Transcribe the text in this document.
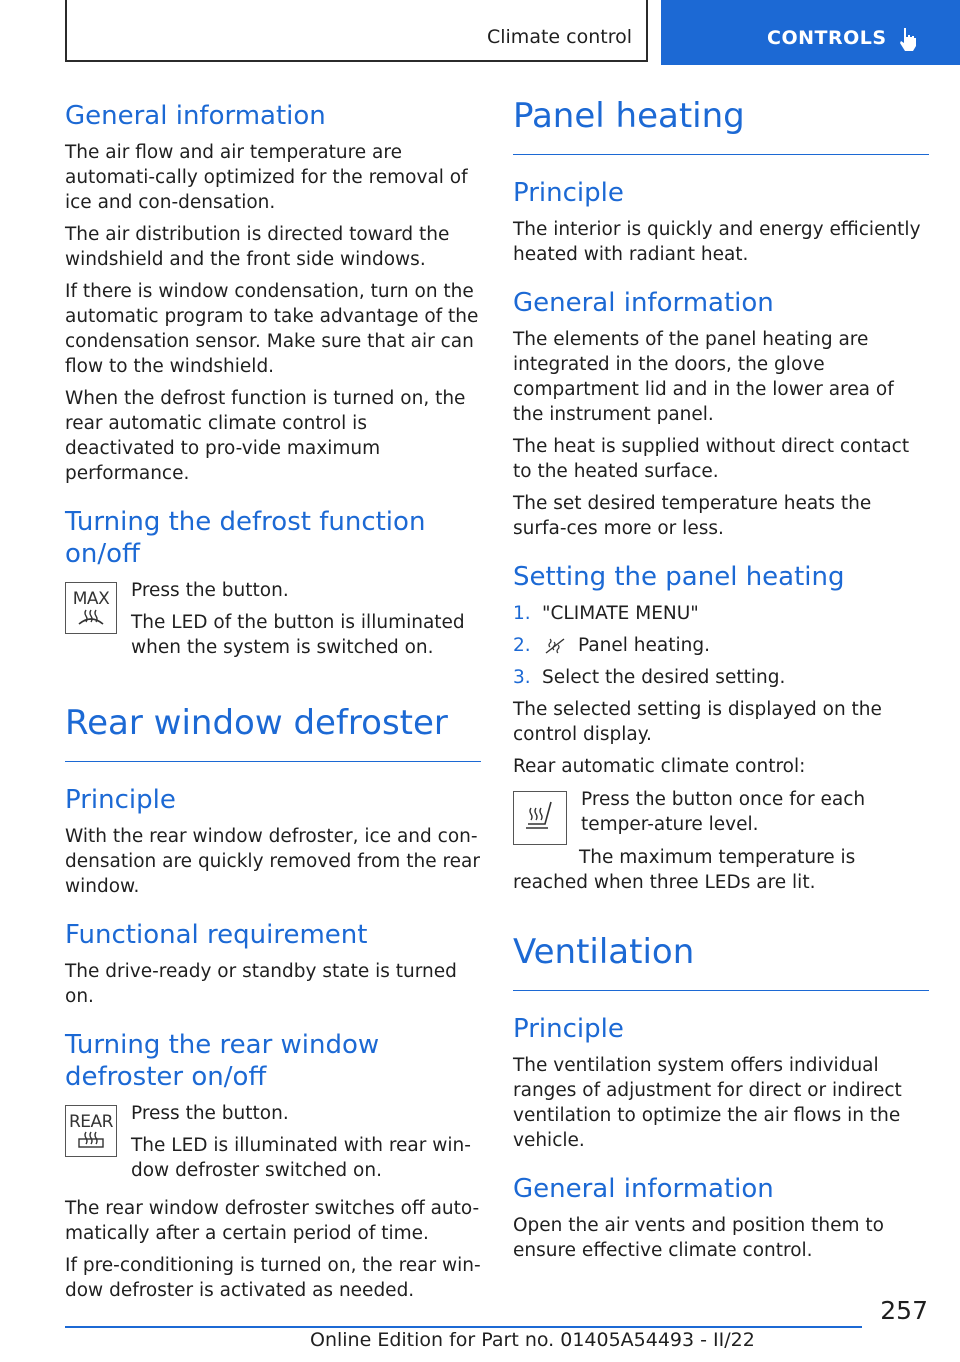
Climate control	CONTROLS
General information

The air flow and air temperature are automati-cally optimized for the removal of ice and con-densation.

The air distribution is directed toward the windshield and the front side windows.

If there is window condensation, turn on the automatic program to take advantage of the condensation sensor. Make sure that air can flow to the windshield.

When the defrost function is turned on, the rear automatic climate control is deactivated to pro-vide maximum performance.

Turning the defrost function on/off
MAX Press the button.

The LED of the button is illuminated when the system is switched on.

Rear window defroster
Principle

With the rear window defroster, ice and con-densation are quickly removed from the rear window.

Functional requirement

The drive-ready or standby state is turned on.

Turning the rear window defroster on/off
REAR Press the button.

The LED is illuminated with rear win-dow defroster switched on.

The rear window defroster switches off auto-matically after a certain period of time.

If pre-conditioning is turned on, the rear win-dow defroster is activated as needed.

Panel heating
Principle

The interior is quickly and energy efficiently heated with radiant heat.

General information

The elements of the panel heating are integrated in the doors, the glove compartment lid and in the lower area of the instrument panel.

The heat is supplied without direct contact to the heated surface.

The set desired temperature heats the surfa-ces more or less.

Setting the panel heating
1. "CLIMATE MENU"
2.	Panel heating.
3. Select the desired setting.

The selected setting is displayed on the control display.

Rear automatic climate control:

Press the button once for each temper-ature level.

The maximum temperature is reached when three LEDs are lit.

Ventilation
Principle

The ventilation system offers individual ranges of adjustment for direct or indirect ventilation to optimize the air flows in the vehicle.

General information

Open the air vents and position them to ensure effective climate control.

257
Online Edition for Part no. 01405A54493 - II/22
